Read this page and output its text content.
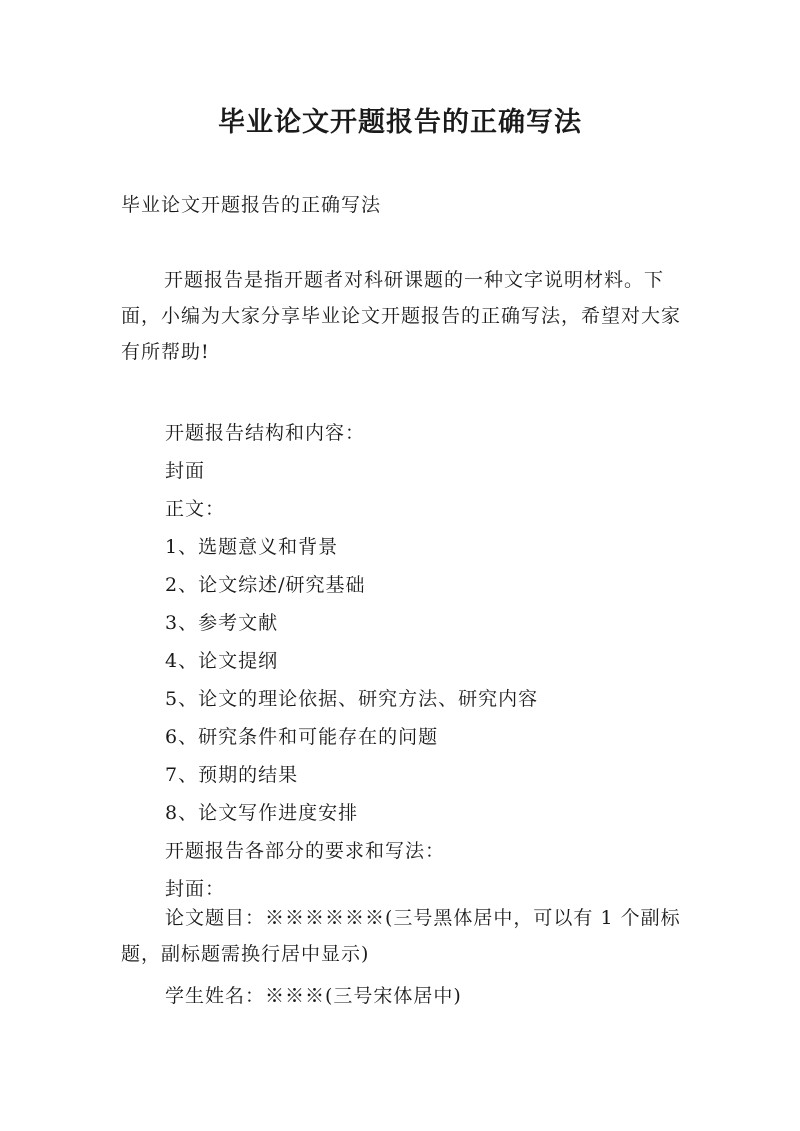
毕业论文开题报告的正确写法
毕业论文开题报告的正确写法
开题报告是指开题者对科研课题的一种文字说明材料。下面，小编为大家分享毕业论文开题报告的正确写法，希望对大家有所帮助!
开题报告结构和内容：
封面
正文：
1、选题意义和背景
2、论文综述/研究基础
3、参考文献
4、论文提纲
5、论文的理论依据、研究方法、研究内容
6、研究条件和可能存在的问题
7、预期的结果
8、论文写作进度安排
开题报告各部分的要求和写法：
封面：
论文题目：※※※※※※(三号黑体居中，可以有 1 个副标题，副标题需换行居中显示)
学生姓名：※※※(三号宋体居中)
